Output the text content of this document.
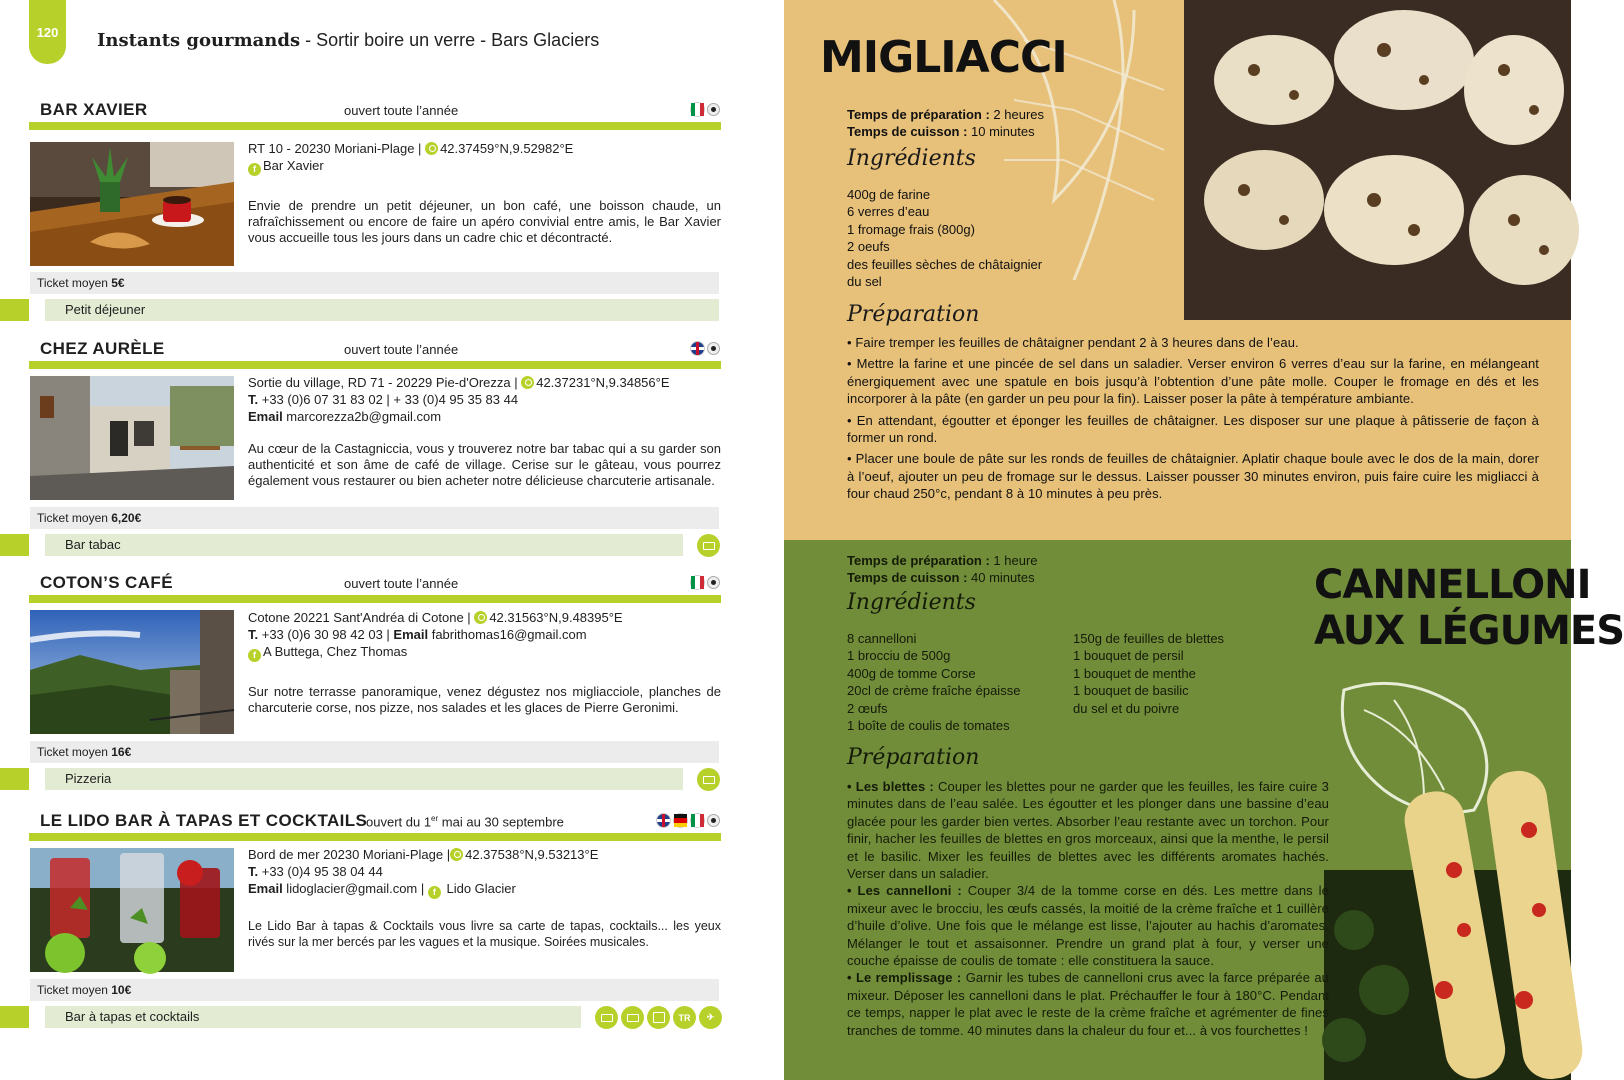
120	Instants gourmands - Sortir boire un verre - Bars Glaciers
BAR XAVIER	ouvert toute l’année
RT 10 - 20230 Moriani-Plage | 42.37459°N,9.52982°E
f Bar Xavier
Envie de prendre un petit déjeuner, un bon café, une boisson chaude, un rafraîchissement ou encore de faire un apéro convivial entre amis, le Bar Xavier vous accueille tous les jours dans un cadre chic et décontracté.
Ticket moyen 5€
Petit déjeuner
CHEZ AURÈLE	ouvert toute l’année
Sortie du village, RD 71 - 20229 Pie-d'Orezza | 42.37231°N,9.34856°E
T. +33 (0)6 07 31 83 02 | + 33 (0)4 95 35 83 44
Email marcorezza2b@gmail.com
Au cœur de la Castagniccia, vous y trouverez notre bar tabac qui a su garder son authenticité et son âme de café de village. Cerise sur le gâteau, vous pourrez également vous restaurer ou bien acheter notre délicieuse charcuterie artisanale.
Ticket moyen 6,20€
Bar tabac
COTON’S CAFÉ	ouvert toute l’année
Cotone 20221 Sant'Andréa di Cotone | 42.31563°N,9.48395°E
T. +33 (0)6 30 98 42 03 | Email fabrithomas16@gmail.com
f A Buttega, Chez Thomas
Sur notre terrasse panoramique, venez dégustez nos migliacciole, planches de charcuterie corse, nos pizze, nos salades et les glaces de Pierre Geronimi.
Ticket moyen 16€
Pizzeria
LE LIDO BAR À TAPAS ET COCKTAILS
ouvert du 1er mai au 30 septembre
Bord de mer 20230 Moriani-Plage | 42.37538°N,9.53213°E
T. +33 (0)4 95 38 04 44
Email lidoglacier@gmail.com | f Lido Glacier
Le Lido Bar à tapas & Cocktails vous livre sa carte de tapas, cocktails... les yeux rivés sur la mer bercés par les vagues et la musique. Soirées musicales.
Ticket moyen 10€
Bar à tapas et cocktails	TR	✈
MIGLIACCI
Temps de préparation : 2 heures
Temps de cuisson : 10 minutes
Ingrédients
400g de farine
6 verres d’eau
1 fromage frais (800g)
2 oeufs
des feuilles sèches de châtaignier
du sel
Préparation

• Faire tremper les feuilles de châtaigner pendant 2 à 3 heures dans de l’eau.

• Mettre la farine et une pincée de sel dans un saladier. Verser environ 6 verres d’eau sur la farine, en mélangeant énergiquement avec une spatule en bois jusqu’à l’obtention d’une pâte molle. Couper le fromage en dés et les incorporer à la pâte (en garder un peu pour la fin). Laisser poser la pâte à température ambiante.

• En attendant, égoutter et éponger les feuilles de châtaigner. Les disposer sur une plaque à pâtisserie de façon à former un rond.

• Placer une boule de pâte sur les ronds de feuilles de châtaignier. Aplatir chaque boule avec le dos de la main, dorer à l’oeuf, ajouter un peu de fromage sur le dessus. Laisser pousser 30 minutes environ, puis faire cuire les migliacci à four chaud 250°c, pendant 8 à 10 minutes à peu près.

CANNELLONI
AUX LÉGUMES
Temps de préparation : 1 heure
Temps de cuisson : 40 minutes
Ingrédients
8 cannelloni
1 brocciu de 500g
400g de tomme Corse
20cl de crème fraîche épaisse
2 œufs
1 boîte de coulis de tomates
150g de feuilles de blettes
1 bouquet de persil
1 bouquet de menthe
1 bouquet de basilic
du sel et du poivre
Préparation

• Les blettes : Couper les blettes pour ne garder que les feuilles, les faire cuire 3 minutes dans de l’eau salée. Les égoutter et les plonger dans une bassine d’eau glacée pour les garder bien vertes. Absorber l’eau restante avec un torchon. Pour finir, hacher les feuilles de blettes en gros morceaux, ainsi que la menthe, le persil et le basilic. Mixer les feuilles de blettes avec les différents aromates hachés. Verser dans un saladier.

• Les cannelloni : Couper 3/4 de la tomme corse en dés. Les mettre dans le mixeur avec le brocciu, les œufs cassés, la moitié de la crème fraîche et 1 cuillère d’huile d’olive. Une fois que le mélange est lisse, l’ajouter au hachis d’aromates. Mélanger le tout et assaisonner. Prendre un grand plat à four, y verser une couche épaisse de coulis de tomate : elle constituera la sauce.

• Le remplissage : Garnir les tubes de cannelloni crus avec la farce préparée au mixeur. Déposer les cannelloni dans le plat. Préchauffer le four à 180°C. Pendant ce temps, napper le plat avec le reste de la crème fraîche et agrémenter de fines tranches de tomme. 40 minutes dans la chaleur du four et... à vos fourchettes !
